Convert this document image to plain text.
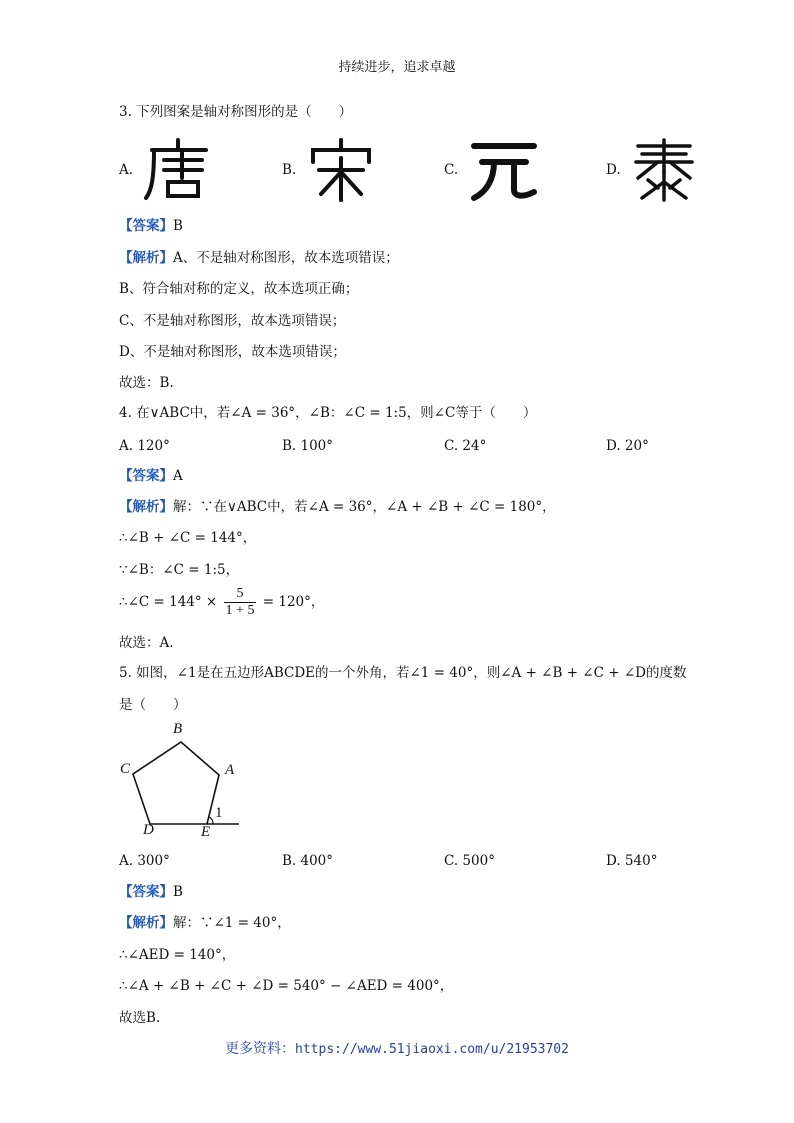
持续进步，追求卓越
3. 下列图案是轴对称图形的是（　　）
A.	B.	C.	D.
【答案】B
【解析】A、不是轴对称图形，故本选项错误；
B、符合轴对称的定义，故本选项正确；
C、不是轴对称图形，故本选项错误；
D、不是轴对称图形，故本选项错误；
故选：B.
4. 在∨ABC中，若∠A = 36°，∠B：∠C = 1:5，则∠C等于（　　）
A. 120°	B. 100°	C. 24°	D. 20°
【答案】A
【解析】解：∵在∨ABC中，若∠A = 36°，∠A + ∠B + ∠C = 180°，
∴∠B + ∠C = 144°，
∵∠B：∠C = 1:5，
∴∠C = $144^\circ \times \frac{5}{1 + 5} = 120^\circ$，
故选：A.
5. 如图，∠1是在五边形ABCDE的一个外角，若∠1 = 40°，则∠A + ∠B + ∠C + ∠D的度数
是（　　）
B
A
C
D	E
1
A. 300°	B. 400°	C. 500°	D. 540°
【答案】B
【解析】解：∵∠1 = 40°，
∴∠AED = 140°，
∴∠A + ∠B + ∠C + ∠D = 540° − ∠AED = 400°，
故选B.
更多资料：https://www.51jiaoxi.com/u/21953702
